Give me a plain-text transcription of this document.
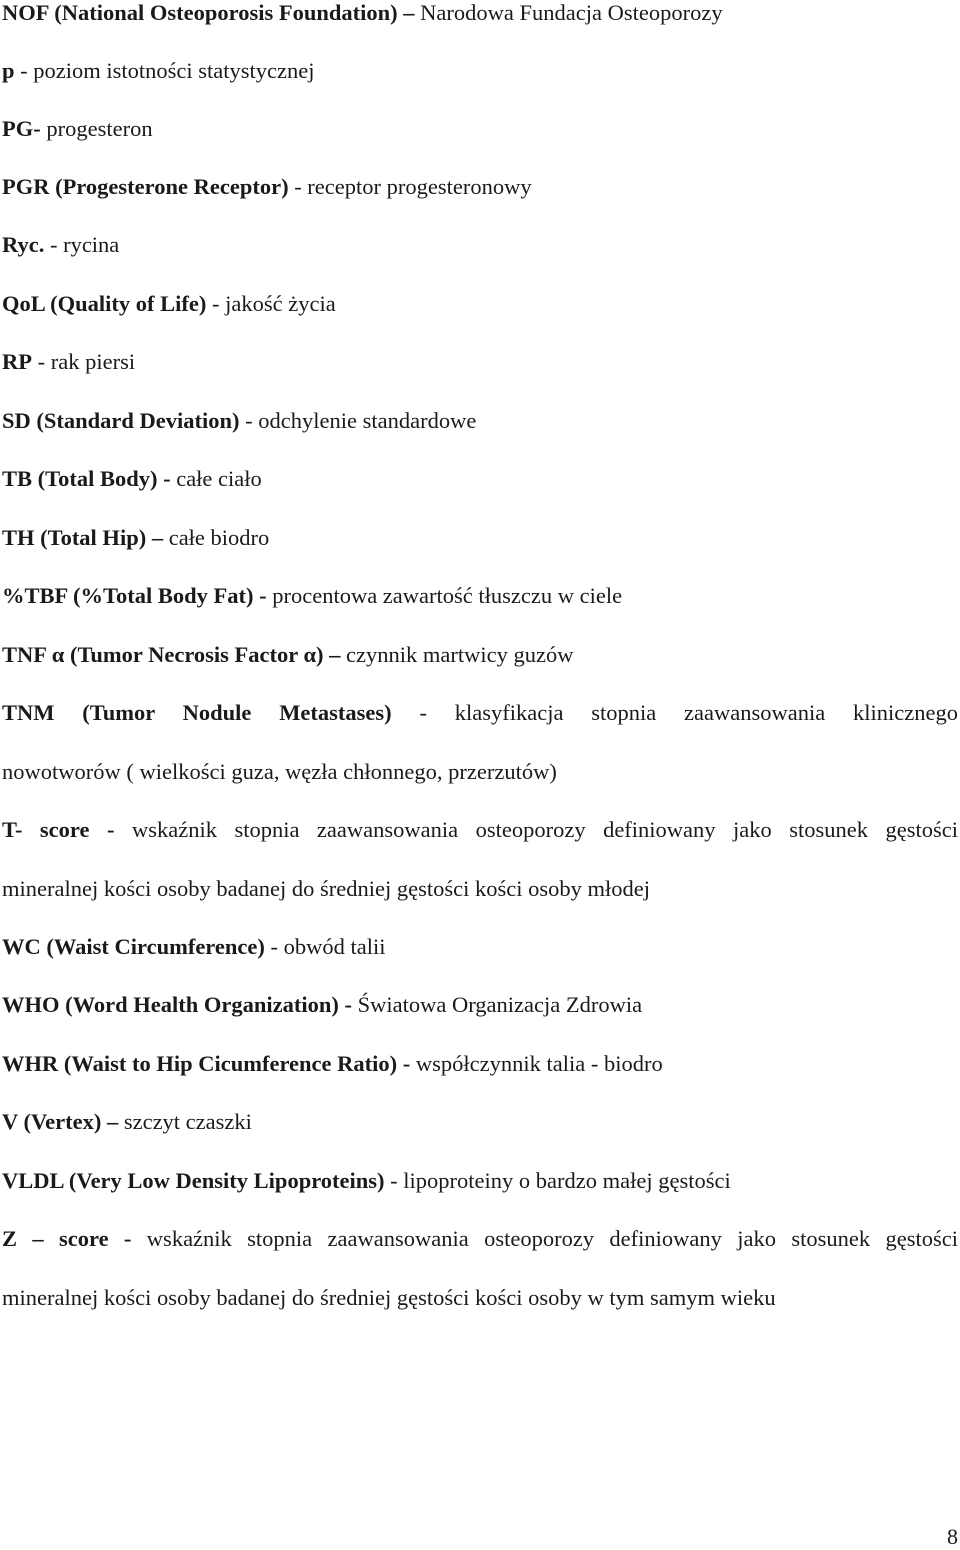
NOF (National Osteoporosis Foundation) – Narodowa Fundacja Osteoporozy
p - poziom istotności statystycznej
PG- progesteron
PGR (Progesterone Receptor) - receptor progesteronowy
Ryc. - rycina
QoL (Quality of Life) - jakość życia
RP - rak piersi
SD (Standard Deviation) - odchylenie standardowe
TB (Total Body) - całe ciało
TH (Total Hip) – całe biodro
%TBF (%Total Body Fat) - procentowa zawartość tłuszczu w ciele
TNF α (Tumor Necrosis Factor α) – czynnik martwicy guzów
TNM (Tumor Nodule Metastases) - klasyfikacja stopnia zaawansowania klinicznego
nowotworów ( wielkości guza, węzła chłonnego, przerzutów)
T- score - wskaźnik stopnia zaawansowania osteoporozy definiowany jako stosunek gęstości
mineralnej kości osoby badanej do średniej gęstości kości osoby młodej
WC (Waist Circumference) - obwód talii
WHO (Word Health Organization) - Światowa Organizacja Zdrowia
WHR (Waist to Hip Cicumference Ratio) - współczynnik talia - biodro
V (Vertex) – szczyt czaszki
VLDL (Very Low Density Lipoproteins) - lipoproteiny o bardzo małej gęstości
Z – score - wskaźnik stopnia zaawansowania osteoporozy definiowany jako stosunek gęstości
mineralnej kości osoby badanej do średniej gęstości kości osoby w tym samym wieku
8
